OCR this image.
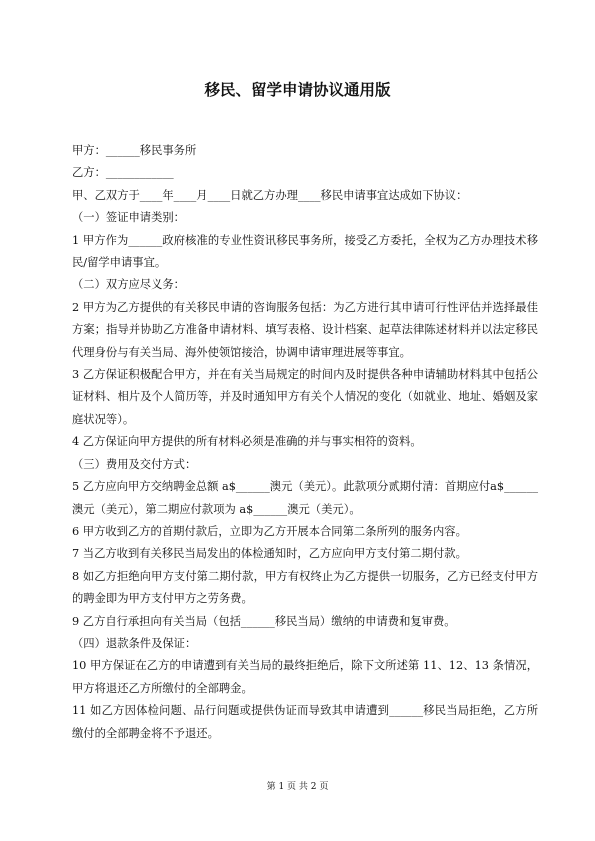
移民、留学申请协议通用版
甲方：______移民事务所
乙方：____________
甲、乙双方于____年____月____日就乙方办理____移民申请事宜达成如下协议：
（一）签证申请类别：
1 甲方作为______政府核准的专业性资讯移民事务所，接受乙方委托，全权为乙方办理技术移民/留学申请事宜。
（二）双方应尽义务：
2 甲方为乙方提供的有关移民申请的咨询服务包括：为乙方进行其申请可行性评估并选择最佳方案；指导并协助乙方准备申请材料、填写表格、设计档案、起草法律陈述材料并以法定移民代理身份与有关当局、海外使领馆接洽，协调申请审理进展等事宜。
3 乙方保证积极配合甲方，并在有关当局规定的时间内及时提供各种申请辅助材料其中包括公证材料、相片及个人简历等，并及时通知甲方有关个人情况的变化（如就业、地址、婚姻及家庭状况等）。
4 乙方保证向甲方提供的所有材料必须是准确的并与事实相符的资料。
（三）费用及交付方式：
5 乙方应向甲方交纳聘金总额 a$______澳元（美元）。此款项分贰期付清：首期应付a$______澳元（美元），第二期应付款项为 a$______澳元（美元）。
6 甲方收到乙方的首期付款后，立即为乙方开展本合同第二条所列的服务内容。
7 当乙方收到有关移民当局发出的体检通知时，乙方应向甲方支付第二期付款。
8 如乙方拒绝向甲方支付第二期付款，甲方有权终止为乙方提供一切服务，乙方已经支付甲方的聘金即为甲方支付甲方之劳务费。
9 乙方自行承担向有关当局（包括______移民当局）缴纳的申请费和复审费。
（四）退款条件及保证：
10 甲方保证在乙方的申请遭到有关当局的最终拒绝后，除下文所述第 11、12、13 条情况，甲方将退还乙方所缴付的全部聘金。
11 如乙方因体检问题、品行问题或提供伪证而导致其申请遭到______移民当局拒绝，乙方所缴付的全部聘金将不予退还。
第 1 页 共 2 页
